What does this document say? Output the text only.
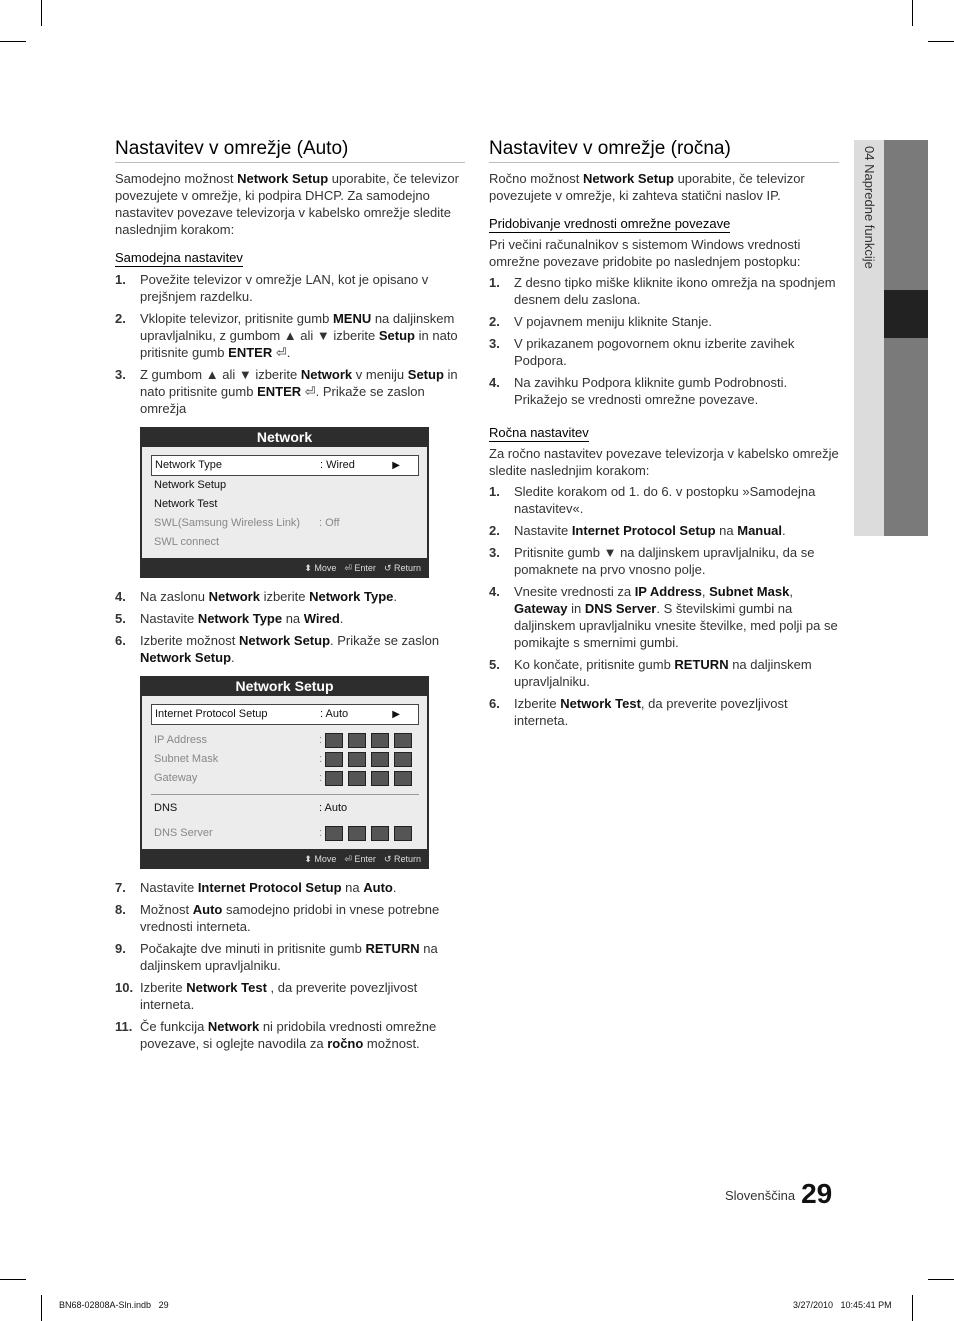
04 Napredne funkcije
Nastavitev v omrežje (Auto)

Samodejno možnost Network Setup uporabite, če televizor povezujete v omrežje, ki podpira DHCP. Za samodejno nastavitev povezave televizorja v kabelsko omrežje sledite naslednjim korakom:

Samodejna nastavitev
1. Povežite televizor v omrežje LAN, kot je opisano v prejšnjem razdelku.
2. Vklopite televizor, pritisnite gumb MENU na daljinskem upravljalniku, z gumbom ▲ ali ▼ izberite Setup in nato pritisnite gumb ENTER ⏎.
3. Z gumbom ▲ ali ▼ izberite Network v meniju Setup in nato pritisnite gumb ENTER ⏎. Prikaže se zaslon omrežja
Network
Network Type	: Wired	▶
Network Setup
Network Test
SWL(Samsung Wireless Link) : Off
SWL connect
⬍ Move ⏎ Enter ↺ Return
4. Na zaslonu Network izberite Network Type.
5. Nastavite Network Type na Wired.
6. Izberite možnost Network Setup. Prikaže se zaslon Network Setup.
Network Setup
Internet Protocol Setup	: Auto	▶
IP Address	:
Subnet Mask	:
Gateway	:
DNS	: Auto
DNS Server	:
⬍ Move ⏎ Enter ↺ Return
7. Nastavite Internet Protocol Setup na Auto.
8. Možnost Auto samodejno pridobi in vnese potrebne vrednosti interneta.
9. Počakajte dve minuti in pritisnite gumb RETURN na daljinskem upravljalniku.
10. Izberite Network Test , da preverite povezljivost interneta.
11. Če funkcija Network ni pridobila vrednosti omrežne povezave, si oglejte navodila za ročno možnost.
Nastavitev v omrežje (ročna)

Ročno možnost Network Setup uporabite, če televizor povezujete v omrežje, ki zahteva statični naslov IP.

Pridobivanje vrednosti omrežne povezave

Pri večini računalnikov s sistemom Windows vrednosti omrežne povezave pridobite po naslednjem postopku:

1. Z desno tipko miške kliknite ikono omrežja na spodnjem desnem delu zaslona.
2. V pojavnem meniju kliknite Stanje.
3. V prikazanem pogovornem oknu izberite zavihek Podpora.
4. Na zavihku Podpora kliknite gumb Podrobnosti. Prikažejo se vrednosti omrežne povezave.
Ročna nastavitev

Za ročno nastavitev povezave televizorja v kabelsko omrežje sledite naslednjim korakom:

1. Sledite korakom od 1. do 6. v postopku »Samodejna nastavitev«.
2. Nastavite Internet Protocol Setup na Manual.
3. Pritisnite gumb ▼ na daljinskem upravljalniku, da se pomaknete na prvo vnosno polje.
4. Vnesite vrednosti za IP Address, Subnet Mask, Gateway in DNS Server. S številskimi gumbi na daljinskem upravljalniku vnesite številke, med polji pa se pomikajte s smernimi gumbi.
5. Ko končate, pritisnite gumb RETURN na daljinskem upravljalniku.
6. Izberite Network Test, da preverite povezljivost interneta.
Slovenščina 29
BN68-02808A-Sln.indb   29	3/27/2010   10:45:41 PM
